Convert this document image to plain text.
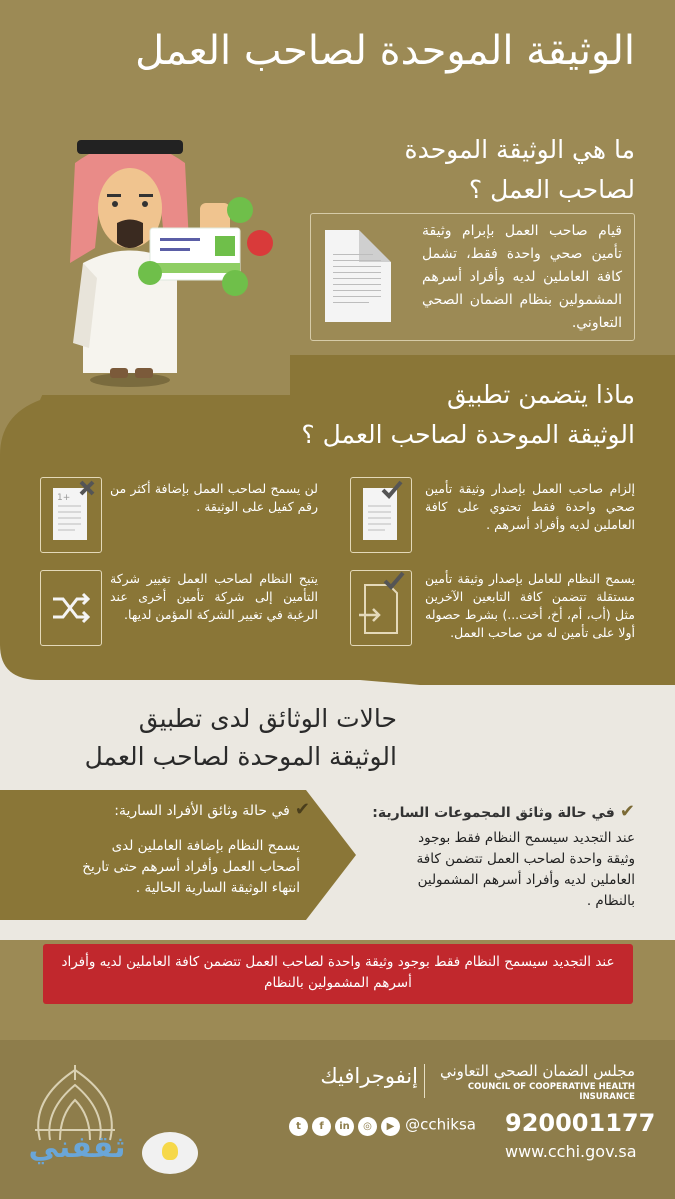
الوثيقة الموحدة لصاحب العمل
ما هي الوثيقة الموحدة
لصاحب العمل ؟
قيام صاحب العمل بإبرام وثيقة تأمين صحي واحدة فقط، تشمل كافة العاملين لديه وأفراد أسرهم المشمولين بنظام الضمان الصحي التعاوني.
ماذا يتضمن تطبيق
الوثيقة الموحدة لصاحب العمل ؟
إلزام صاحب العمل بإصدار وثيقة تأمين صحي واحدة فقط تحتوي على كافة العاملين لديه وأفراد أسرهم .
1+
لن يسمح لصاحب العمل بإضافة أكثر من رقم كفيل على الوثيقة .
يسمح النظام للعامل بإصدار وثيقة تأمين مستقلة تتضمن كافة التابعين الآخرين مثل (أب، أم، أخ، أخت...) بشرط حصوله أولا على تأمين له من صاحب العمل.
يتيح النظام لصاحب العمل تغيير شركة التأمين إلى شركة تأمين أخرى عند الرغبة في تغيير الشركة المؤمن لديها.
حالات الوثائق لدى تطبيق
الوثيقة الموحدة لصاحب العمل
✔ في حالة وثائق المجموعات السارية:
عند التجديد سيسمح النظام فقط بوجود وثيقة واحدة لصاحب العمل تتضمن كافة العاملين لديه وأفراد أسرهم المشمولين بالنظام .
✔ في حالة وثائق الأفراد السارية:
يسمح النظام بإضافة العاملين لدى أصحاب العمل وأفراد أسرهم حتى تاريخ انتهاء الوثيقة السارية الحالية .
عند التجديد سيسمح النظام فقط بوجود وثيقة واحدة لصاحب العمل تتضمن كافة العاملين لديه وأفراد أسرهم المشمولين بالنظام
ثقفني
مجلس الضمان الصحي التعاوني
COUNCIL OF COOPERATIVE HEALTH INSURANCE
إنفوجرافيك
t f in ◎ ▶ @cchiksa 920001177
www.cchi.gov.sa
